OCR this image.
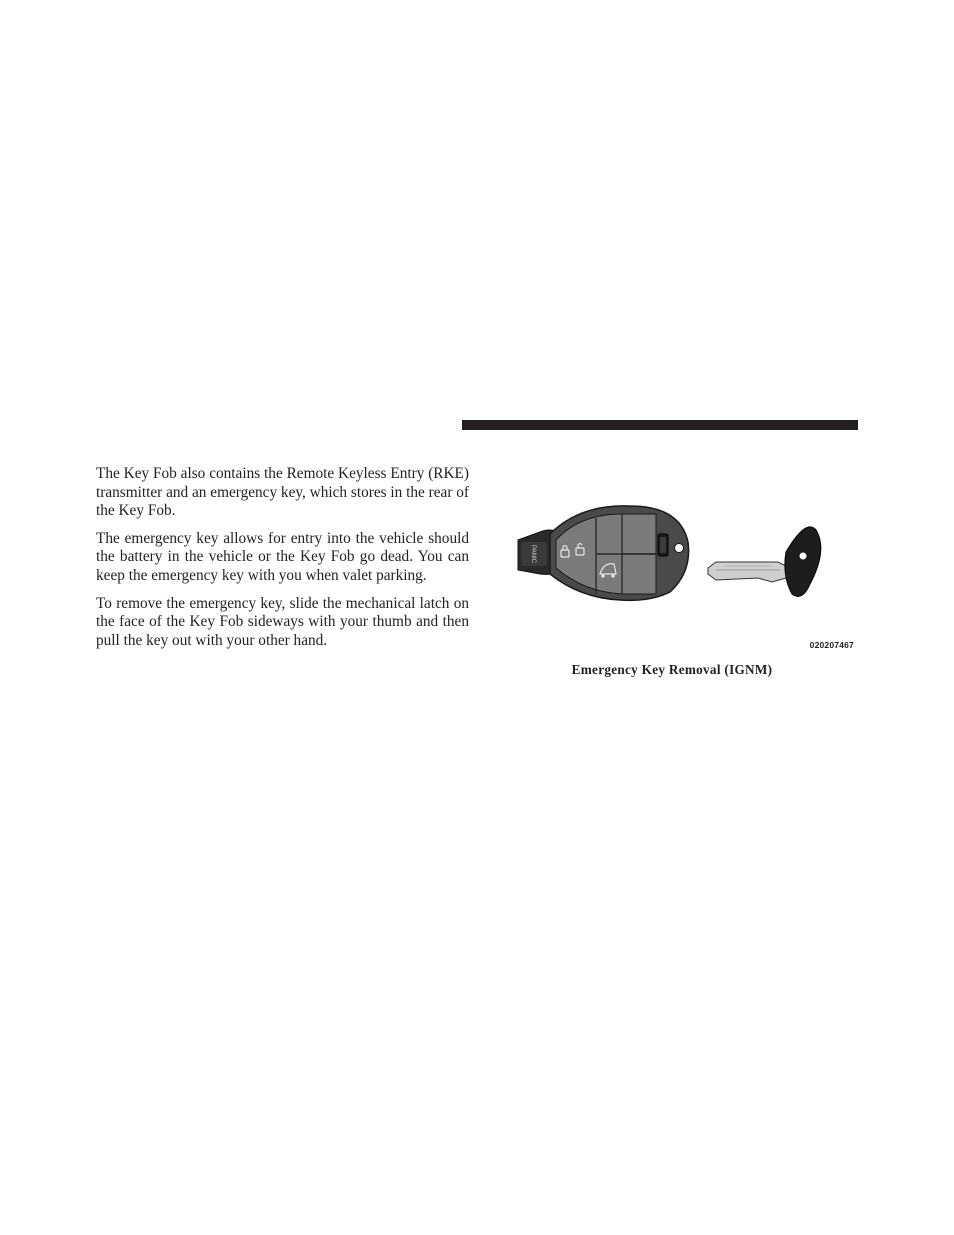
The Key Fob also contains the Remote Keyless Entry (RKE) transmitter and an emergency key, which stores in the rear of the Key Fob.

The emergency key allows for entry into the vehicle should the battery in the vehicle or the Key Fob go dead. You can keep the emergency key with you when valet parking.

To remove the emergency key, slide the mechanical latch on the face of the Key Fob sideways with your thumb and then pull the key out with your other hand.

PANIC
020207467
Emergency Key Removal (IGNM)
